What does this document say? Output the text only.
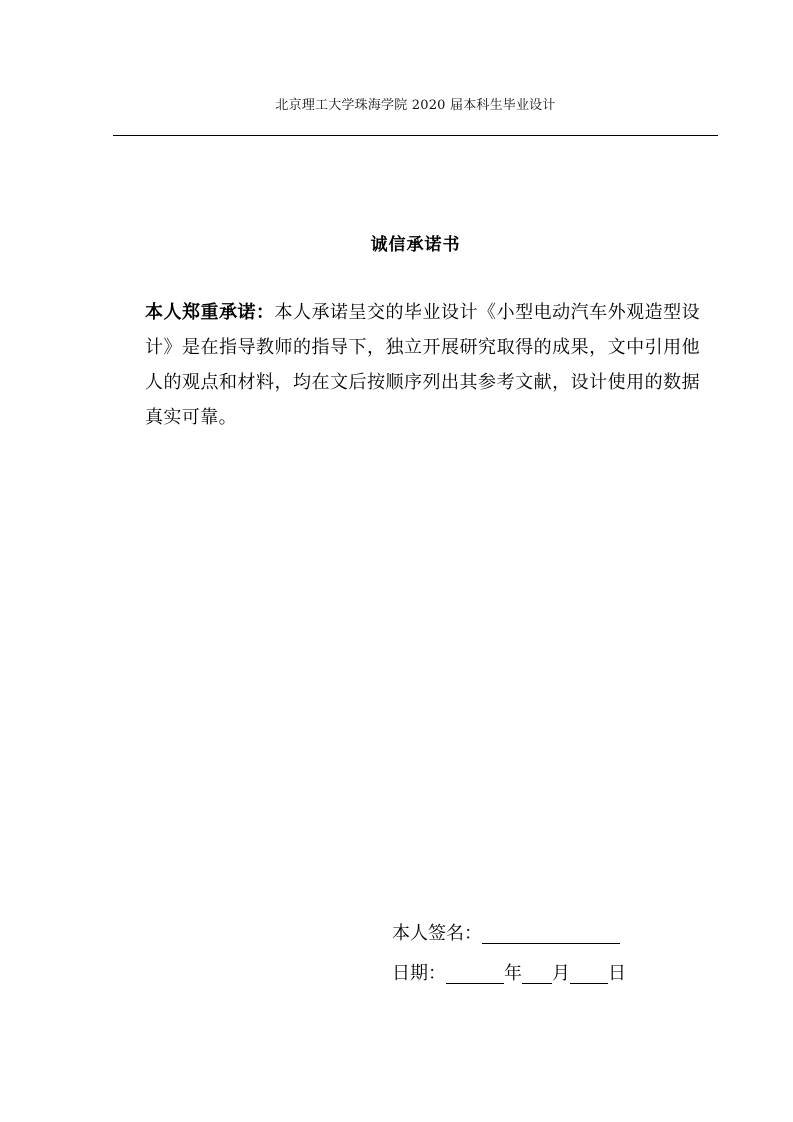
北京理工大学珠海学院 2020 届本科生毕业设计
诚信承诺书
本人郑重承诺：本人承诺呈交的毕业设计《小型电动汽车外观造型设计》是在指导教师的指导下，独立开展研究取得的成果，文中引用他人的观点和材料，均在文后按顺序列出其参考文献，设计使用的数据真实可靠。
本人签名：
日期：	年 月 日
